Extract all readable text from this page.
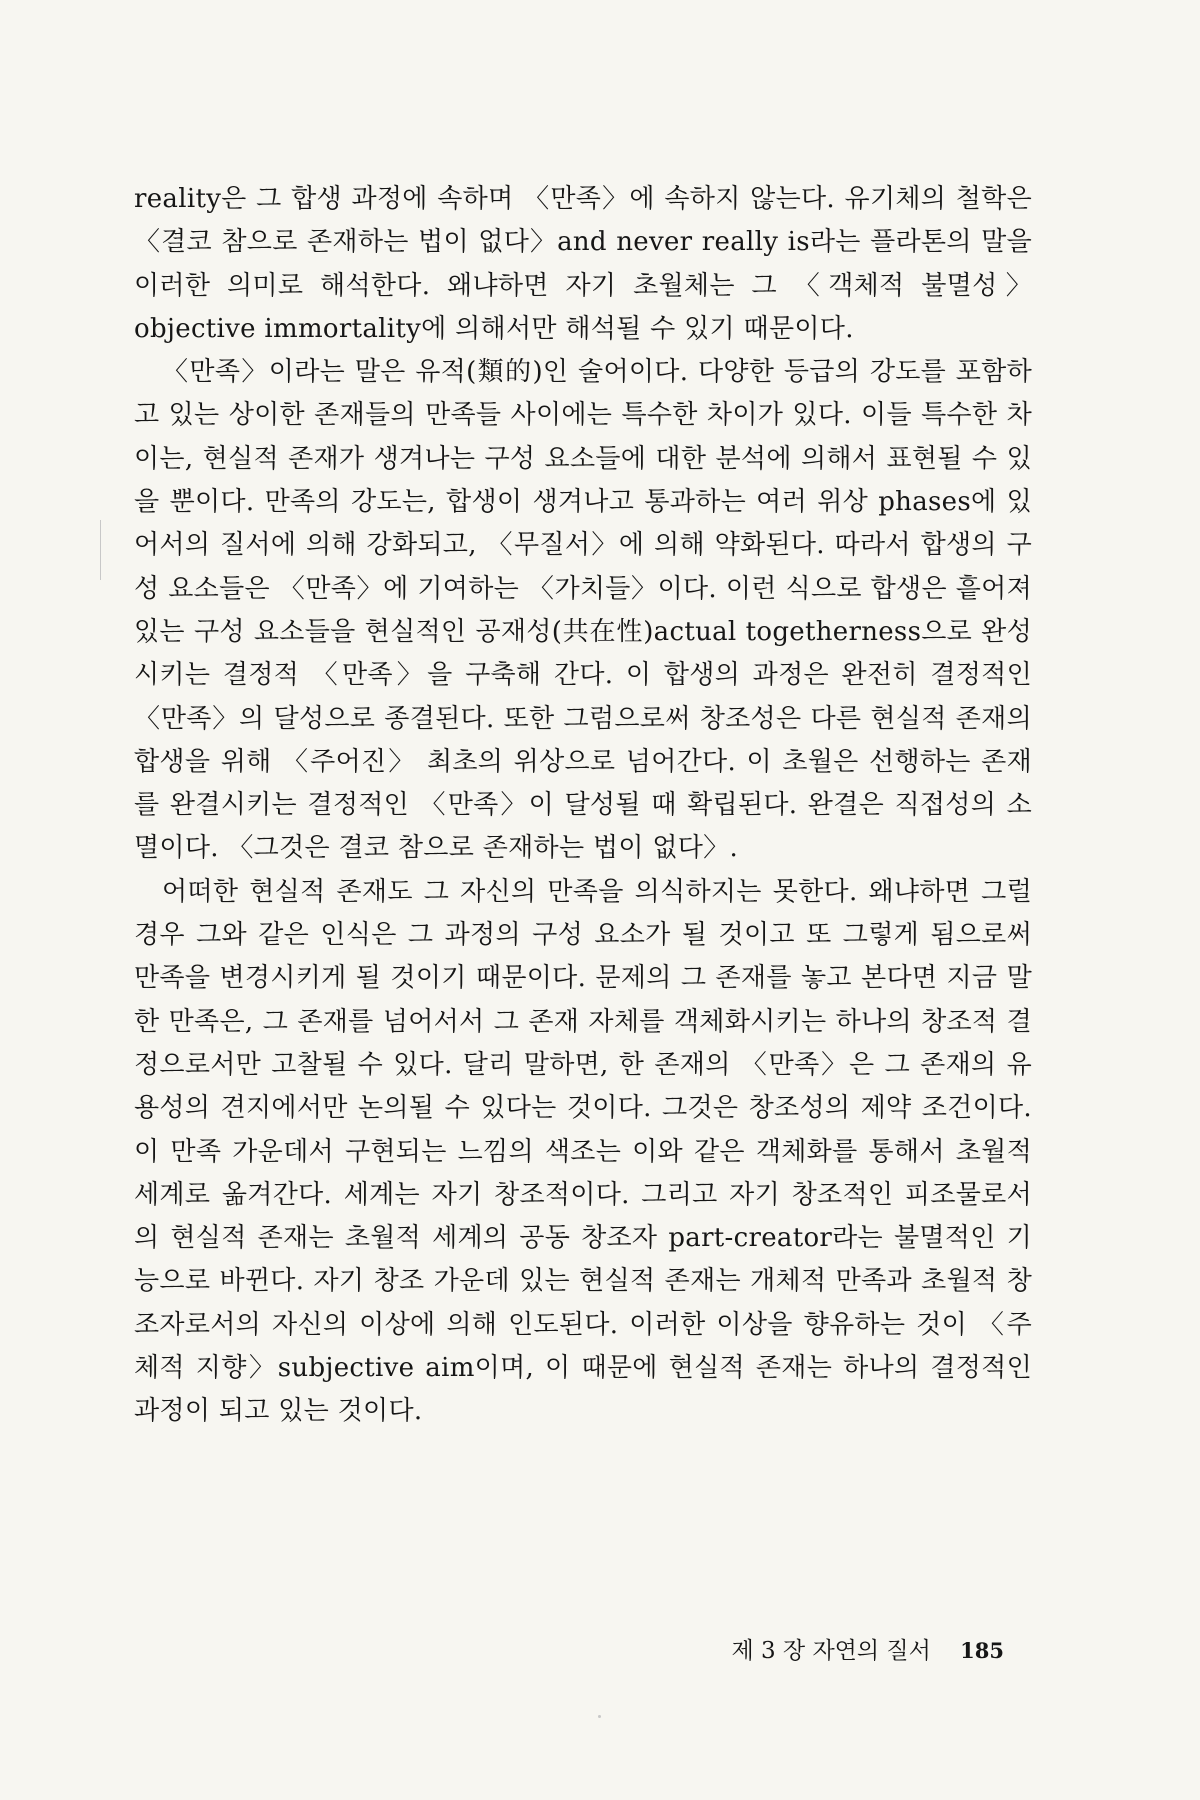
reality은 그 합생 과정에 속하며 〈만족〉에 속하지 않는다. 유기체의 철학은 〈결코 참으로 존재하는 법이 없다〉and never really is라는 플라톤의 말을 이러한 의미로 해석한다. 왜냐하면 자기 초월체는 그 〈객체적 불멸성〉objective immortality에 의해서만 해석될 수 있기 때문이다.

〈만족〉이라는 말은 유적(類的)인 술어이다. 다양한 등급의 강도를 포함하고 있는 상이한 존재들의 만족들 사이에는 특수한 차이가 있다. 이들 특수한 차이는, 현실적 존재가 생겨나는 구성 요소들에 대한 분석에 의해서 표현될 수 있을 뿐이다. 만족의 강도는, 합생이 생겨나고 통과하는 여러 위상 phases에 있어서의 질서에 의해 강화되고, 〈무질서〉에 의해 약화된다. 따라서 합생의 구성 요소들은 〈만족〉에 기여하는 〈가치들〉이다. 이런 식으로 합생은 흩어져 있는 구성 요소들을 현실적인 공재성(共在性)actual togetherness으로 완성시키는 결정적 〈만족〉을 구축해 간다. 이 합생의 과정은 완전히 결정적인 〈만족〉의 달성으로 종결된다. 또한 그럼으로써 창조성은 다른 현실적 존재의 합생을 위해 〈주어진〉 최초의 위상으로 넘어간다. 이 초월은 선행하는 존재를 완결시키는 결정적인 〈만족〉이 달성될 때 확립된다. 완결은 직접성의 소멸이다. 〈그것은 결코 참으로 존재하는 법이 없다〉.

어떠한 현실적 존재도 그 자신의 만족을 의식하지는 못한다. 왜냐하면 그럴 경우 그와 같은 인식은 그 과정의 구성 요소가 될 것이고 또 그렇게 됨으로써 만족을 변경시키게 될 것이기 때문이다. 문제의 그 존재를 놓고 본다면 지금 말한 만족은, 그 존재를 넘어서서 그 존재 자체를 객체화시키는 하나의 창조적 결정으로서만 고찰될 수 있다. 달리 말하면, 한 존재의 〈만족〉은 그 존재의 유용성의 견지에서만 논의될 수 있다는 것이다. 그것은 창조성의 제약 조건이다. 이 만족 가운데서 구현되는 느낌의 색조는 이와 같은 객체화를 통해서 초월적 세계로 옮겨간다. 세계는 자기 창조적이다. 그리고 자기 창조적인 피조물로서의 현실적 존재는 초월적 세계의 공동 창조자 part-creator라는 불멸적인 기능으로 바뀐다. 자기 창조 가운데 있는 현실적 존재는 개체적 만족과 초월적 창조자로서의 자신의 이상에 의해 인도된다. 이러한 이상을 향유하는 것이 〈주체적 지향〉subjective aim이며, 이 때문에 현실적 존재는 하나의 결정적인 과정이 되고 있는 것이다.

제 3 장 자연의 질서 185
